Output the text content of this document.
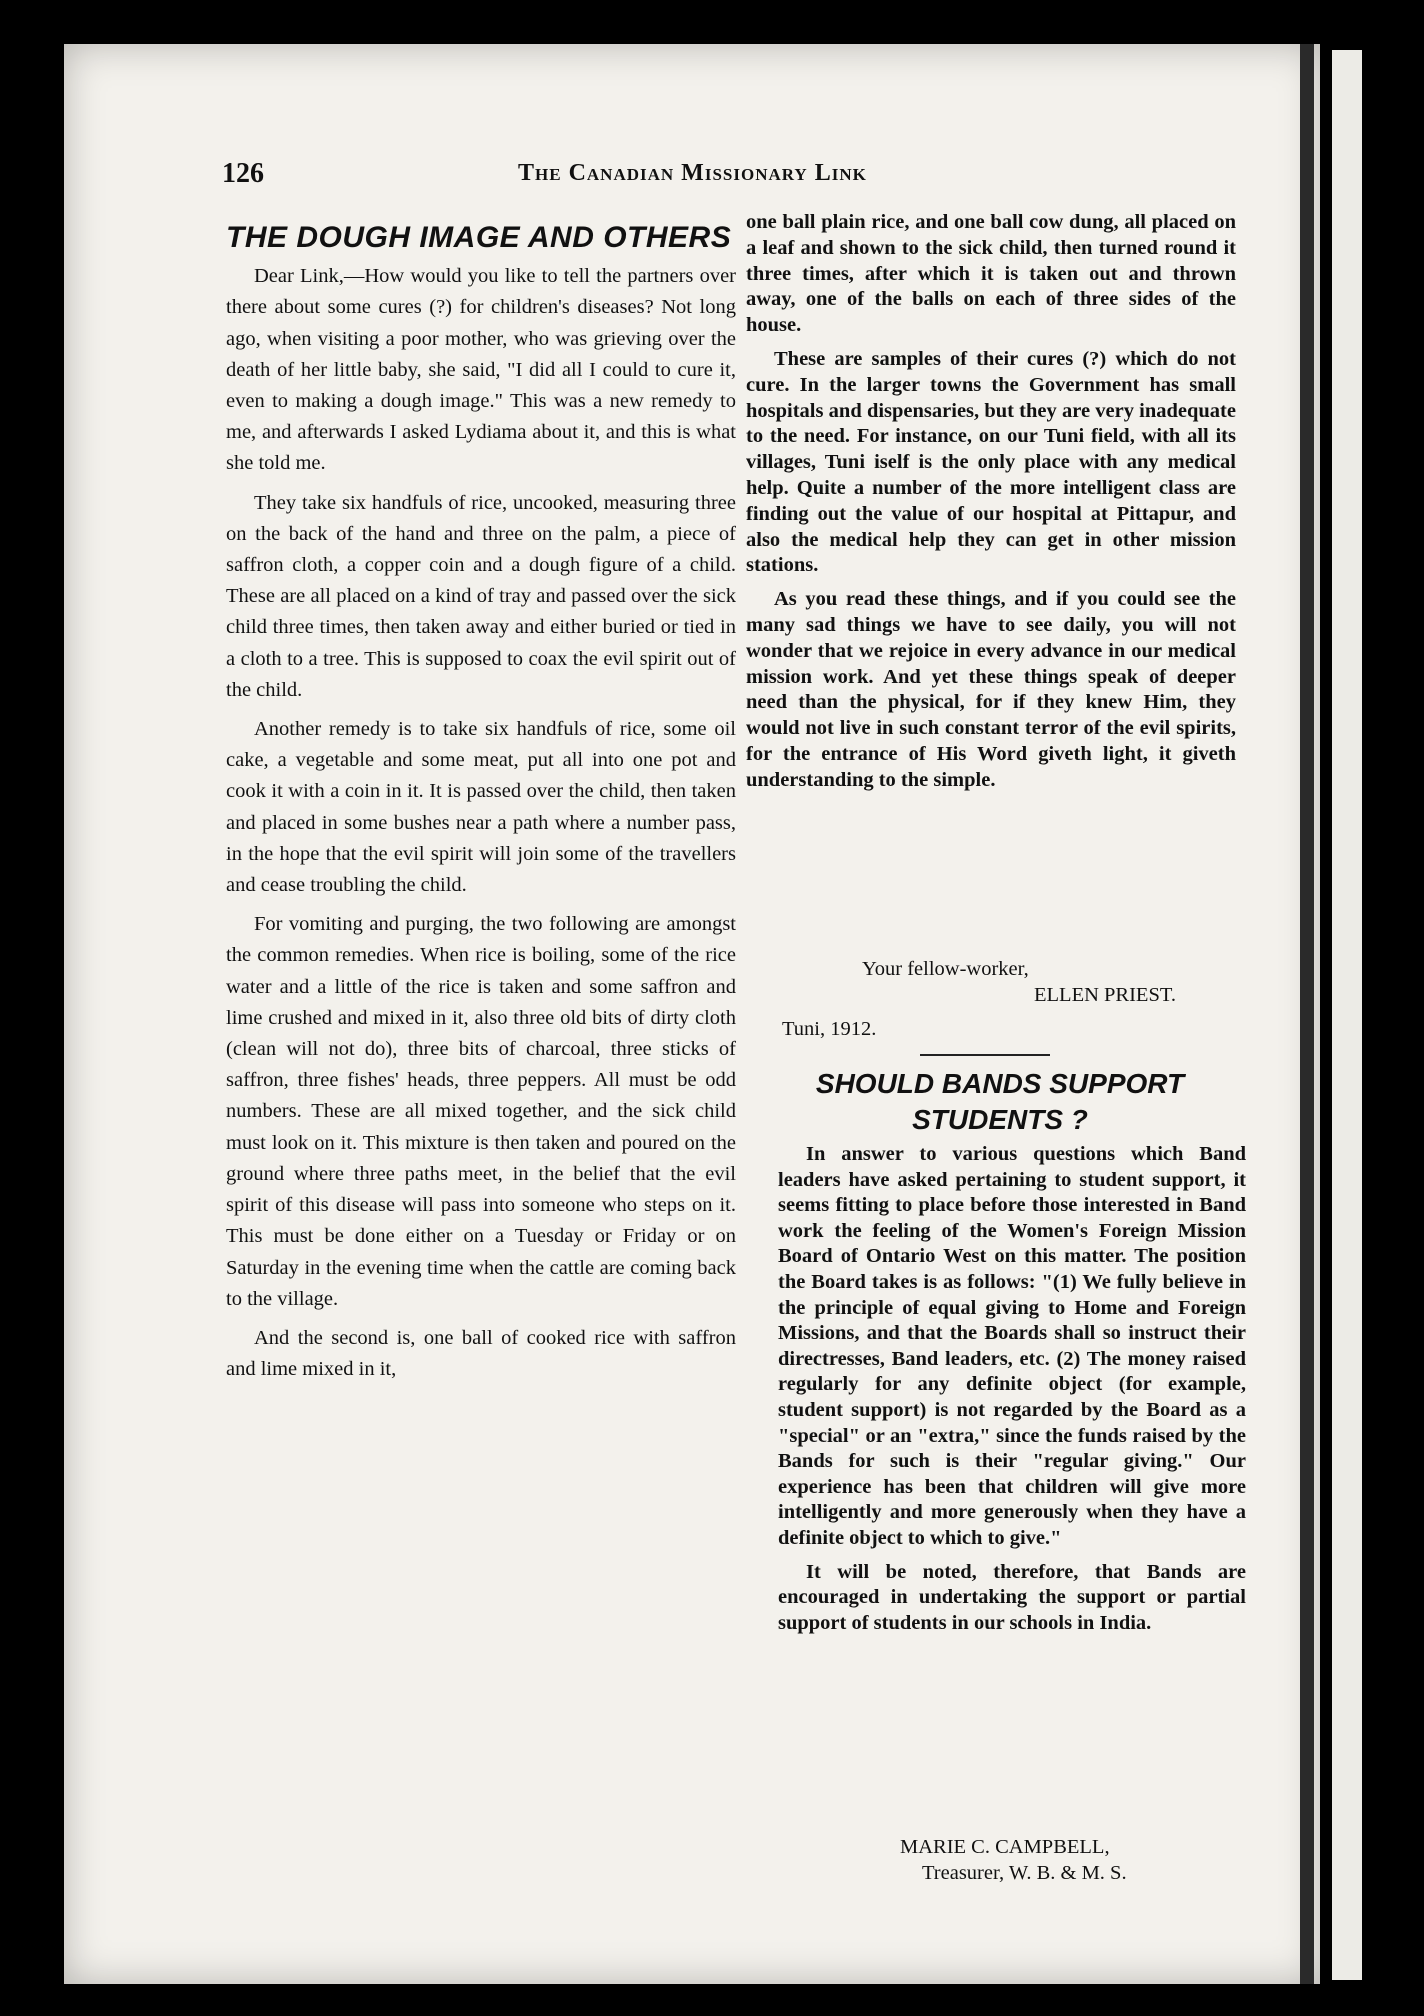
126	The Canadian Missionary Link

THE DOUGH IMAGE AND OTHERS

Dear Link,—How would you like to tell the partners over there about some cures (?) for children's diseases? Not long ago, when visiting a poor mother, who was grieving over the death of her little baby, she said, "I did all I could to cure it, even to making a dough image." This was a new remedy to me, and afterwards I asked Lydiama about it, and this is what she told me.

They take six handfuls of rice, uncooked, measuring three on the back of the hand and three on the palm, a piece of saffron cloth, a copper coin and a dough figure of a child. These are all placed on a kind of tray and passed over the sick child three times, then taken away and either buried or tied in a cloth to a tree. This is supposed to coax the evil spirit out of the child.

Another remedy is to take six handfuls of rice, some oil cake, a vegetable and some meat, put all into one pot and cook it with a coin in it. It is passed over the child, then taken and placed in some bushes near a path where a number pass, in the hope that the evil spirit will join some of the travellers and cease troubling the child.

For vomiting and purging, the two following are amongst the common remedies. When rice is boiling, some of the rice water and a little of the rice is taken and some saffron and lime crushed and mixed in it, also three old bits of dirty cloth (clean will not do), three bits of charcoal, three sticks of saffron, three fishes' heads, three peppers. All must be odd numbers. These are all mixed together, and the sick child must look on it. This mixture is then taken and poured on the ground where three paths meet, in the belief that the evil spirit of this disease will pass into someone who steps on it. This must be done either on a Tuesday or Friday or on Saturday in the evening time when the cattle are coming back to the village.

And the second is, one ball of cooked rice with saffron and lime mixed in it,

one ball plain rice, and one ball cow dung, all placed on a leaf and shown to the sick child, then turned round it three times, after which it is taken out and thrown away, one of the balls on each of three sides of the house.

These are samples of their cures (?) which do not cure. In the larger towns the Government has small hospitals and dispensaries, but they are very inadequate to the need. For instance, on our Tuni field, with all its villages, Tuni iself is the only place with any medical help. Quite a number of the more intelligent class are finding out the value of our hospital at Pittapur, and also the medical help they can get in other mission stations.

As you read these things, and if you could see the many sad things we have to see daily, you will not wonder that we rejoice in every advance in our medical mission work. And yet these things speak of deeper need than the physical, for if they knew Him, they would not live in such constant terror of the evil spirits, for the entrance of His Word giveth light, it giveth understanding to the simple.

Your fellow-worker,
ELLEN PRIEST.
Tuni, 1912.
SHOULD BANDS SUPPORT
STUDENTS ?

In answer to various questions which Band leaders have asked pertaining to student support, it seems fitting to place before those interested in Band work the feeling of the Women's Foreign Mission Board of Ontario West on this matter. The position the Board takes is as follows: "(1) We fully believe in the principle of equal giving to Home and Foreign Missions, and that the Boards shall so instruct their directresses, Band leaders, etc. (2) The money raised regularly for any definite object (for example, student support) is not regarded by the Board as a "special" or an "extra," since the funds raised by the Bands for such is their "regular giving." Our experience has been that children will give more intelligently and more generously when they have a definite object to which to give."

It will be noted, therefore, that Bands are encouraged in undertaking the support or partial support of students in our schools in India.

MARIE C. CAMPBELL,
Treasurer, W. B. & M. S.
